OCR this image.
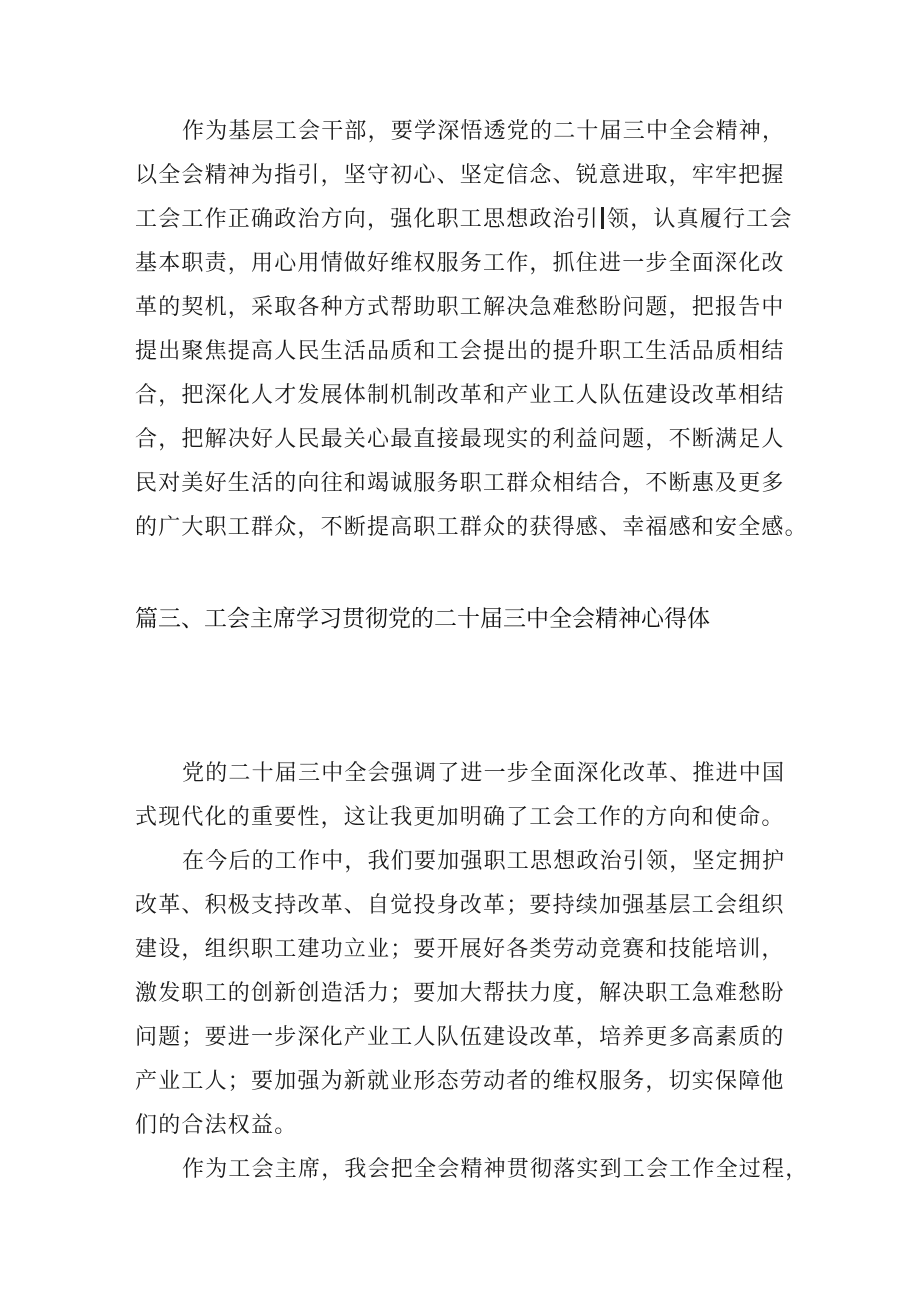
作为基层工会干部，要学深悟透党的二十届三中全会精神，
以全会精神为指引，坚守初心、坚定信念、锐意进取，牢牢把握
工会工作正确政治方向，强化职工思想政治引 领，认真履行工会
基本职责，用心用情做好维权服务工作，抓住进一步全面深化改
革的契机，采取各种方式帮助职工解决急难愁盼问题，把报告中
提出聚焦提高人民生活品质和工会提出的提升职工生活品质相结
合，把深化人才发展体制机制改革和产业工人队伍建设改革相结
合，把解决好人民最关心最直接最现实的利益问题，不断满足人
民对美好生活的向往和竭诚服务职工群众相结合，不断惠及更多
的广大职工群众，不断提高职工群众的获得感、幸福感和安全感。
篇三、工会主席学习贯彻党的二十届三中全会精神心得体
党的二十届三中全会强调了进一步全面深化改革、推进中国
式现代化的重要性，这让我更加明确了工会工作的方向和使命。
在今后的工作中，我们要加强职工思想政治引领，坚定拥护
改革、积极支持改革、自觉投身改革；要持续加强基层工会组织
建设，组织职工建功立业；要开展好各类劳动竞赛和技能培训，
激发职工的创新创造活力；要加大帮扶力度，解决职工急难愁盼
问题；要进一步深化产业工人队伍建设改革，培养更多高素质的
产业工人；要加强为新就业形态劳动者的维权服务，切实保障他
们的合法权益。
作为工会主席，我会把全会精神贯彻落实到工会工作全过程，
